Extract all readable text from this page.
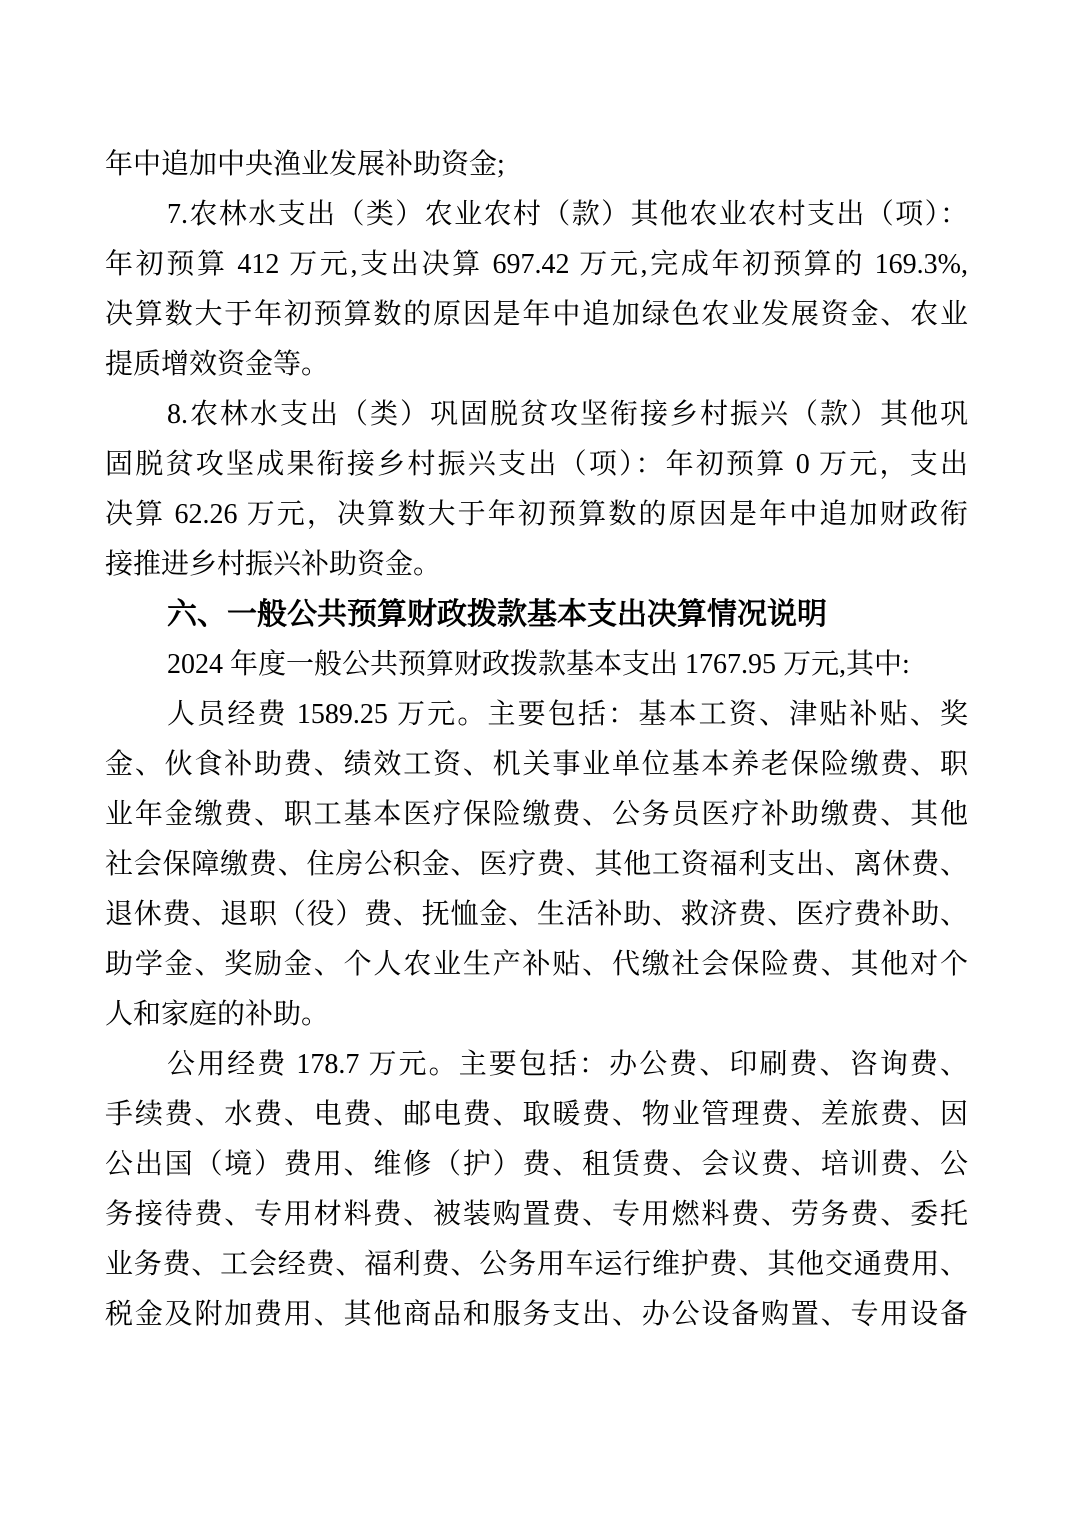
年中追加中央渔业发展补助资金;
7.农林水支出（类）农业农村（款）其他农业农村支出（项）：
年初预算 412 万元,支出决算 697.42 万元,完成年初预算的 169.3%,
决算数大于年初预算数的原因是年中追加绿色农业发展资金、农业
提质增效资金等。
8.农林水支出（类）巩固脱贫攻坚衔接乡村振兴（款）其他巩
固脱贫攻坚成果衔接乡村振兴支出（项）：年初预算 0 万元，支出
决算 62.26 万元，决算数大于年初预算数的原因是年中追加财政衔
接推进乡村振兴补助资金。
六、一般公共预算财政拨款基本支出决算情况说明
2024 年度一般公共预算财政拨款基本支出 1767.95 万元,其中:
人员经费 1589.25 万元。主要包括：基本工资、津贴补贴、奖
金、伙食补助费、绩效工资、机关事业单位基本养老保险缴费、职
业年金缴费、职工基本医疗保险缴费、公务员医疗补助缴费、其他
社会保障缴费、住房公积金、医疗费、其他工资福利支出、离休费、
退休费、退职（役）费、抚恤金、生活补助、救济费、医疗费补助、
助学金、奖励金、个人农业生产补贴、代缴社会保险费、其他对个
人和家庭的补助。
公用经费 178.7 万元。主要包括：办公费、印刷费、咨询费、
手续费、水费、电费、邮电费、取暖费、物业管理费、差旅费、因
公出国（境）费用、维修（护）费、租赁费、会议费、培训费、公
务接待费、专用材料费、被装购置费、专用燃料费、劳务费、委托
业务费、工会经费、福利费、公务用车运行维护费、其他交通费用、
税金及附加费用、其他商品和服务支出、办公设备购置、专用设备
